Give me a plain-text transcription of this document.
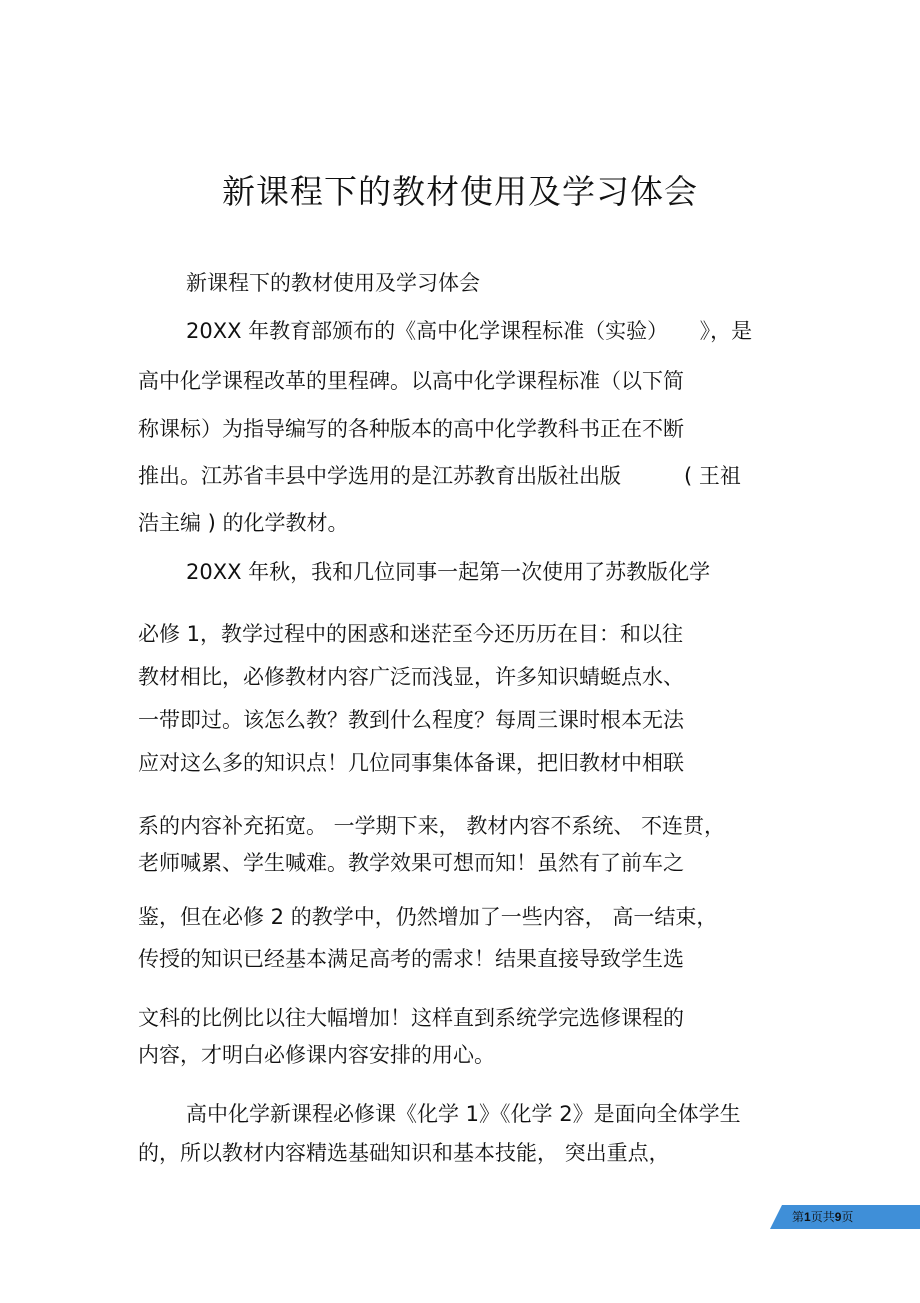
新课程下的教材使用及学习体会
新课程下的教材使用及学习体会
20XX 年教育部颁布的《高中化学课程标准（实验）　　》，是
高中化学课程改革的里程碑。以高中化学课程标准（以下简
称课标）为指导编写的各种版本的高中化学教科书正在不断
推出。江苏省丰县中学选用的是江苏教育出版社出版　　　( 王祖
浩主编 ) 的化学教材。
20XX 年秋，我和几位同事一起第一次使用了苏教版化学
必修 1，教学过程中的困惑和迷茫至今还历历在目：和以往
教材相比，必修教材内容广泛而浅显，许多知识蜻蜓点水、
一带即过。该怎么教？教到什么程度？每周三课时根本无法
应对这么多的知识点！几位同事集体备课，把旧教材中相联
系的内容补充拓宽。 一学期下来， 教材内容不系统、 不连贯，
老师喊累、学生喊难。教学效果可想而知！虽然有了前车之
鉴，但在必修 2 的教学中，仍然增加了一些内容， 高一结束，
传授的知识已经基本满足高考的需求！结果直接导致学生选
文科的比例比以往大幅增加！这样直到系统学完选修课程的
内容，才明白必修课内容安排的用心。
高中化学新课程必修课《化学 1》《化学 2》是面向全体学生
的，所以教材内容精选基础知识和基本技能， 突出重点，
第1页共9页
